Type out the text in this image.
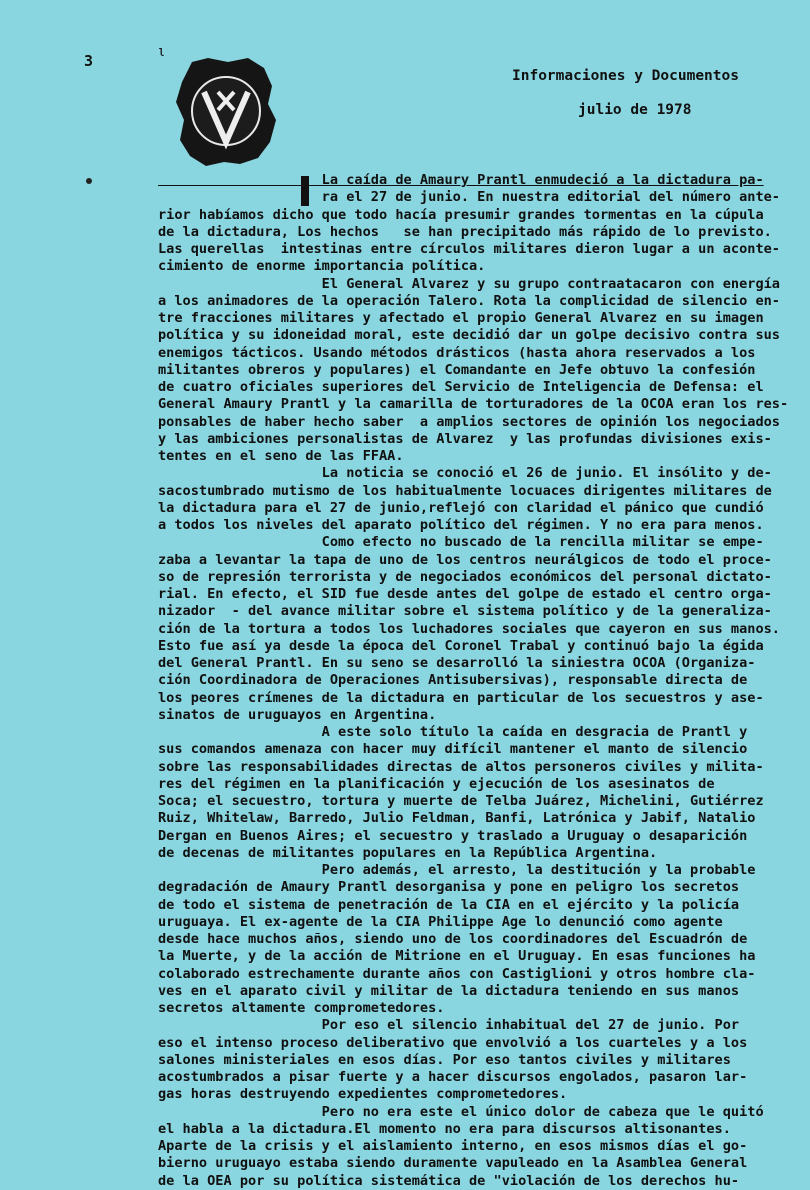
3	ι
Informaciones y Documentos
julio de 1978
La caída de Amaury Prantl enmudeció a la dictadura pa-
ra el 27 de junio. En nuestra editorial del número ante-
rior habíamos dicho que todo hacía presumir grandes tormentas en la cúpula
de la dictadura, Los hechos   se han precipitado más rápido de lo previsto.
Las querellas  intestinas entre círculos militares dieron lugar a un aconte-
cimiento de enorme importancia política.
El General Alvarez y su grupo contraatacaron con energía
a los animadores de la operación Talero. Rota la complicidad de silencio en-
tre fracciones militares y afectado el propio General Alvarez en su imagen
política y su idoneidad moral, este decidió dar un golpe decisivo contra sus
enemigos tácticos. Usando métodos drásticos (hasta ahora reservados a los
militantes obreros y populares) el Comandante en Jefe obtuvo la confesión
de cuatro oficiales superiores del Servicio de Inteligencia de Defensa: el
General Amaury Prantl y la camarilla de torturadores de la OCOA eran los res-
ponsables de haber hecho saber  a amplios sectores de opinión los negociados
y las ambiciones personalistas de Alvarez  y las profundas divisiones exis-
tentes en el seno de las FFAA.
La noticia se conoció el 26 de junio. El insólito y de-
sacostumbrado mutismo de los habitualmente locuaces dirigentes militares de
la dictadura para el 27 de junio,reflejó con claridad el pánico que cundió
a todos los niveles del aparato político del régimen. Y no era para menos.
Como efecto no buscado de la rencilla militar se empe-
zaba a levantar la tapa de uno de los centros neurálgicos de todo el proce-
so de represión terrorista y de negociados económicos del personal dictato-
rial. En efecto, el SID fue desde antes del golpe de estado el centro orga-
nizador  - del avance militar sobre el sistema político y de la generaliza-
ción de la tortura a todos los luchadores sociales que cayeron en sus manos.
Esto fue así ya desde la época del Coronel Trabal y continuó bajo la égida
del General Prantl. En su seno se desarrolló la siniestra OCOA (Organiza-
ción Coordinadora de Operaciones Antisubersivas), responsable directa de
los peores crímenes de la dictadura en particular de los secuestros y ase-
sinatos de uruguayos en Argentina.
A este solo título la caída en desgracia de Prantl y
sus comandos amenaza con hacer muy difícil mantener el manto de silencio
sobre las responsabilidades directas de altos personeros civiles y milita-
res del régimen en la planificación y ejecución de los asesinatos de
Soca; el secuestro, tortura y muerte de Telba Juárez, Michelini, Gutiérrez
Ruiz, Whitelaw, Barredo, Julio Feldman, Banfi, Latrónica y Jabif, Natalio
Dergan en Buenos Aires; el secuestro y traslado a Uruguay o desaparición
de decenas de militantes populares en la República Argentina.
Pero además, el arresto, la destitución y la probable
degradación de Amaury Prantl desorganisa y pone en peligro los secretos
de todo el sistema de penetración de la CIA en el ejército y la policía
uruguaya. El ex-agente de la CIA Philippe Age lo denunció como agente
desde hace muchos años, siendo uno de los coordinadores del Escuadrón de
la Muerte, y de la acción de Mitrione en el Uruguay. En esas funciones ha
colaborado estrechamente durante años con Castiglioni y otros hombre cla-
ves en el aparato civil y militar de la dictadura teniendo en sus manos
secretos altamente comprometedores.
Por eso el silencio inhabitual del 27 de junio. Por
eso el intenso proceso deliberativo que envolvió a los cuarteles y a los
salones ministeriales en esos días. Por eso tantos civiles y militares
acostumbrados a pisar fuerte y a hacer discursos engolados, pasaron lar-
gas horas destruyendo expedientes comprometedores.
Pero no era este el único dolor de cabeza que le quitó
el habla a la dictadura.El momento no era para discursos altisonantes.
Aparte de la crisis y el aislamiento interno, en esos mismos días el go-
bierno uruguayo estaba siendo duramente vapuleado en la Asamblea General
de la OEA por su política sistemática de "violación de los derechos hu-
